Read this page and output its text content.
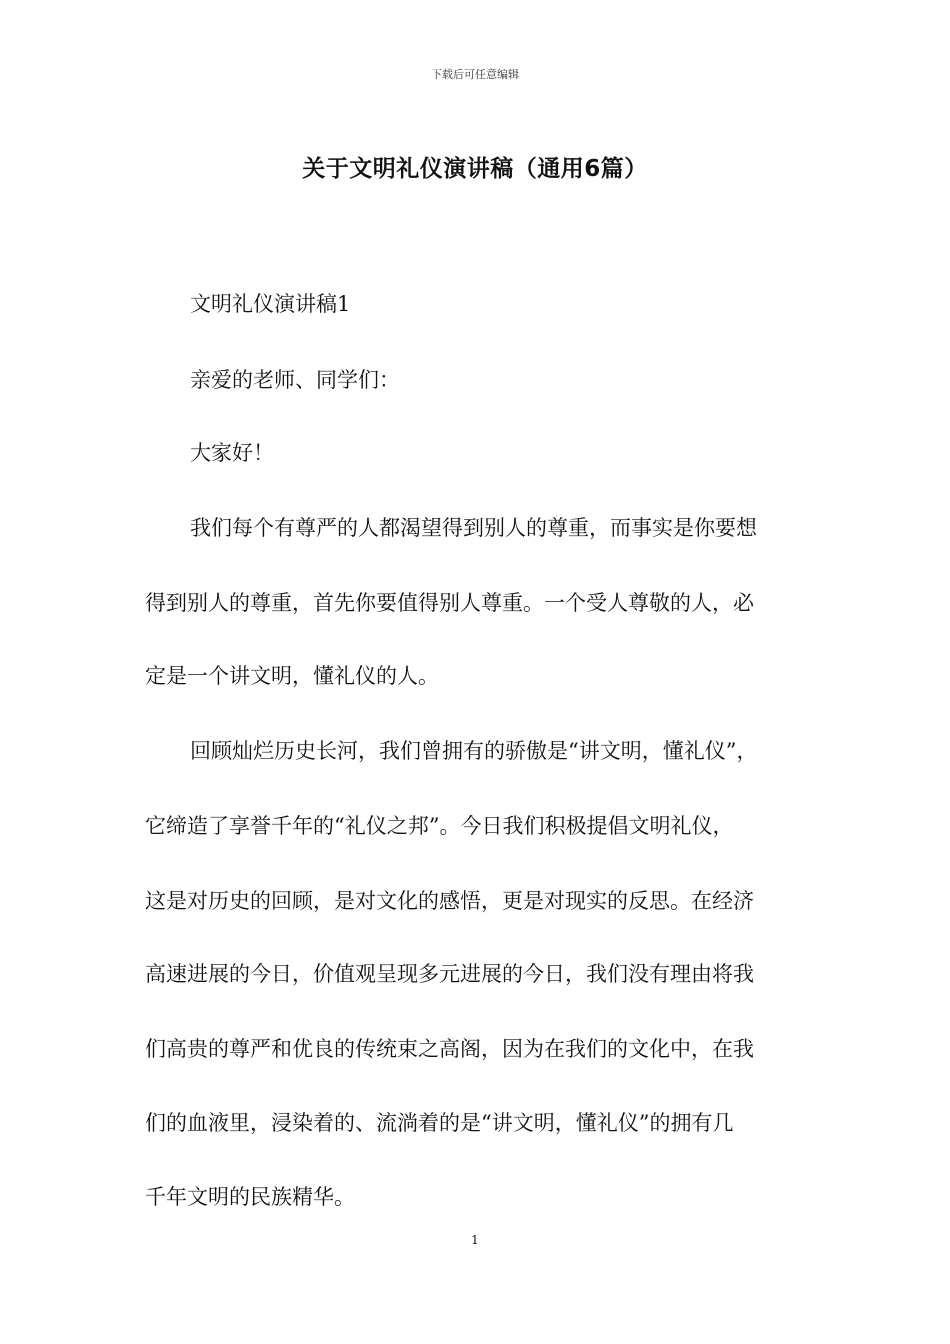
下载后可任意编辑
关于文明礼仪演讲稿（通用6篇）
文明礼仪演讲稿1
亲爱的老师、同学们：
大家好！
我们每个有尊严的人都渴望得到别人的尊重，而事实是你要想
得到别人的尊重，首先你要值得别人尊重。一个受人尊敬的人，必
定是一个讲文明，懂礼仪的人。
回顾灿烂历史长河，我们曾拥有的骄傲是“讲文明，懂礼仪”，
它缔造了享誉千年的“礼仪之邦”。今日我们积极提倡文明礼仪，
这是对历史的回顾，是对文化的感悟，更是对现实的反思。在经济
高速进展的今日，价值观呈现多元进展的今日，我们没有理由将我
们高贵的尊严和优良的传统束之高阁，因为在我们的文化中，在我
们的血液里，浸染着的、流淌着的是“讲文明，懂礼仪”的拥有几
千年文明的民族精华。
1
